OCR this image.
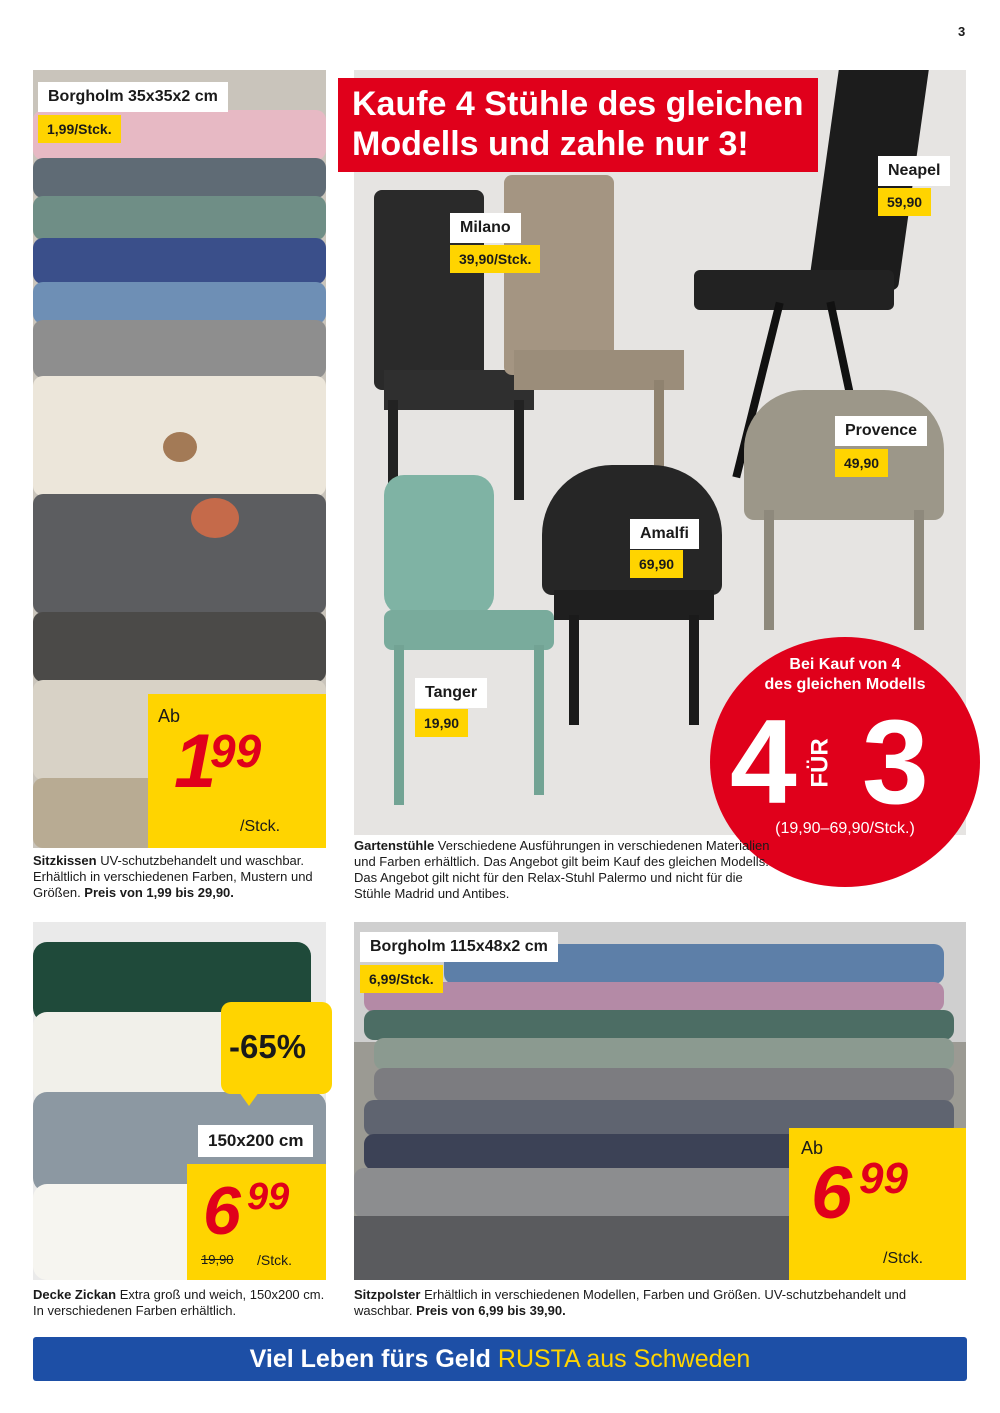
3
Borgholm 35x35x2 cm
1,99/Stck.
Ab
1
99
/Stck.
Sitzkissen UV-schutzbehandelt und waschbar. Erhältlich in verschiedenen Farben, Mustern und Größen. Preis von 1,99 bis 29,90.
Kaufe 4 Stühle des gleichen
Modells und zahle nur 3!
Milano
39,90/Stck.
Neapel
59,90
Provence
49,90
Amalfi
69,90
Tanger
19,90
Bei Kauf von 4
des gleichen Modells
4 FÜR 3
(19,90–69,90/Stck.)
Gartenstühle Verschiedene Ausführungen in verschiedenen Materialien und Farben erhältlich. Das Angebot gilt beim Kauf des gleichen Modells. Das Angebot gilt nicht für den Relax-Stuhl Palermo und nicht für die Stühle Madrid und Antibes.
-65%
150x200 cm
6 99
19,90 /Stck.
Decke Zickan Extra groß und weich, 150x200 cm. In verschiedenen Farben erhältlich.
Borgholm 115x48x2 cm
6,99/Stck.
Ab
6 99
/Stck.
Sitzpolster Erhältlich in verschiedenen Modellen, Farben und Größen. UV-schutzbehandelt und waschbar. Preis von 6,99 bis 39,90.
Viel Leben fürs Geld RUSTA aus Schweden
